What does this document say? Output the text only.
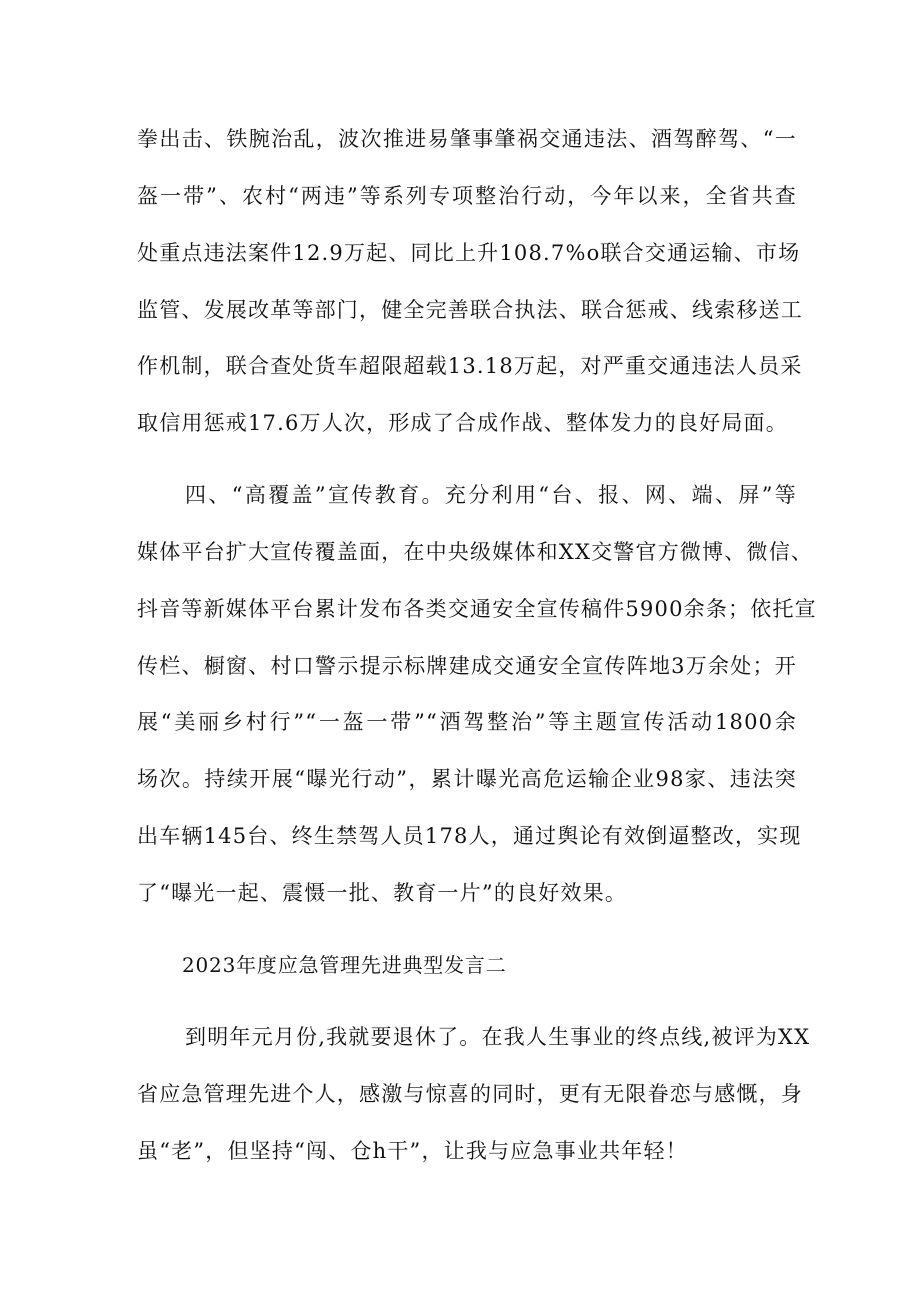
拳出击、铁腕治乱，波次推进易肇事肇祸交通违法、酒驾醉驾、“一
盔一带”、农村“两违”等系列专项整治行动，今年以来，全省共查
处重点违法案件12.9万起、同比上升108.7%o联合交通运输、市场
监管、发展改革等部门，健全完善联合执法、联合惩戒、线索移送工
作机制，联合查处货车超限超载13.18万起，对严重交通违法人员采
取信用惩戒17.6万人次，形成了合成作战、整体发力的良好局面。
四、“高覆盖”宣传教育。充分利用“台、报、网、端、屏”等
媒体平台扩大宣传覆盖面，在中央级媒体和XX交警官方微博、微信、
抖音等新媒体平台累计发布各类交通安全宣传稿件5900余条；依托宣
传栏、橱窗、村口警示提示标牌建成交通安全宣传阵地3万余处；开
展“美丽乡村行”“一盔一带”“酒驾整治”等主题宣传活动1800余
场次。持续开展“曝光行动”，累计曝光高危运输企业98家、违法突
出车辆145台、终生禁驾人员178人，通过舆论有效倒逼整改，实现
了“曝光一起、震慑一批、教育一片”的良好效果。
2023年度应急管理先进典型发言二
到明年元月份,我就要退休了。在我人生事业的终点线,被评为XX
省应急管理先进个人，感激与惊喜的同时，更有无限眷恋与感慨，身
虽“老”，但坚持“闯、仓h干”，让我与应急事业共年轻！
